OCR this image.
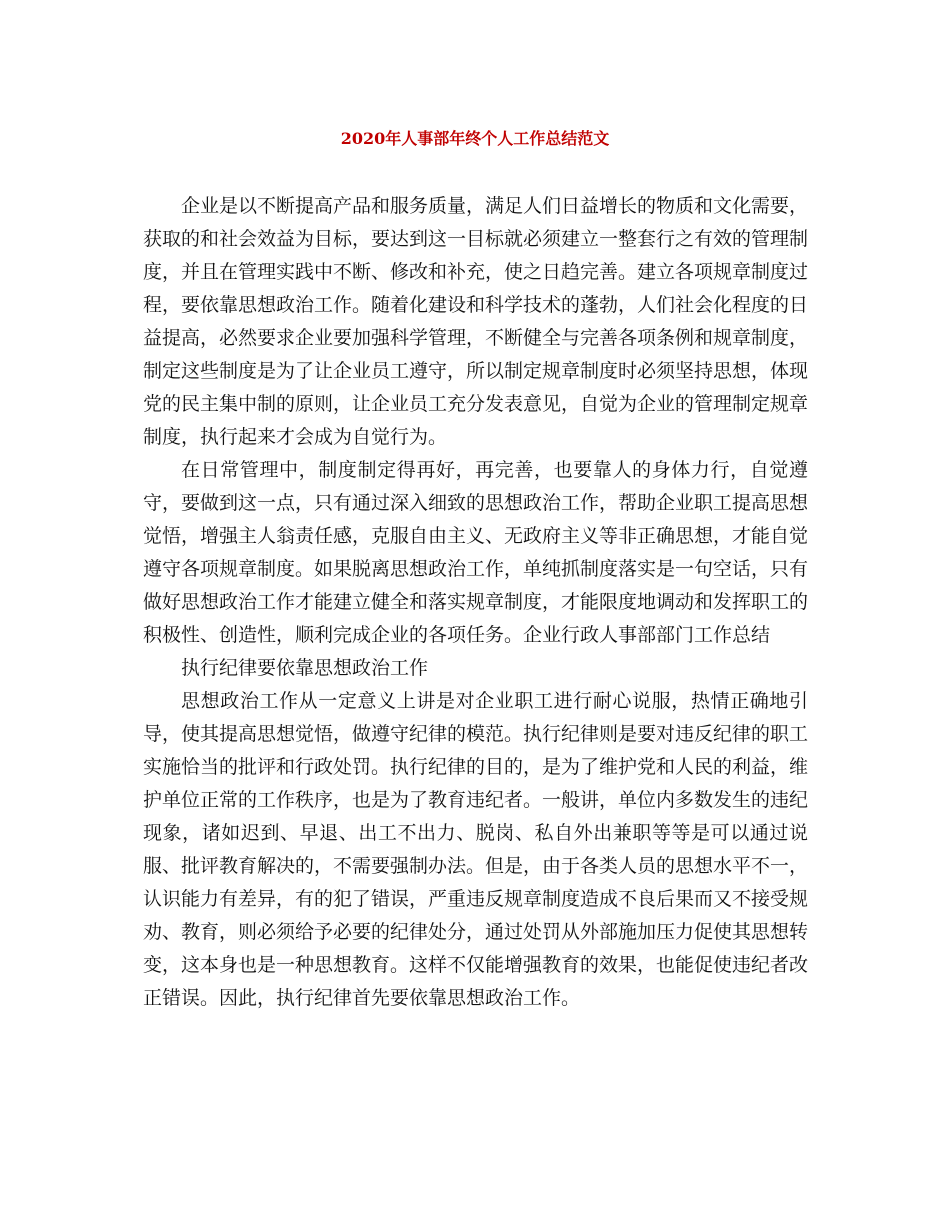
2020年人事部年终个人工作总结范文

企业是以不断提高产品和服务质量，满足人们日益增长的物质和文化需要，获取的和社会效益为目标，要达到这一目标就必须建立一整套行之有效的管理制度，并且在管理实践中不断、修改和补充，使之日趋完善。建立各项规章制度过程，要依靠思想政治工作。随着化建设和科学技术的蓬勃，人们社会化程度的日益提高，必然要求企业要加强科学管理，不断健全与完善各项条例和规章制度，制定这些制度是为了让企业员工遵守，所以制定规章制度时必须坚持思想，体现党的民主集中制的原则，让企业员工充分发表意见，自觉为企业的管理制定规章制度，执行起来才会成为自觉行为。

在日常管理中，制度制定得再好，再完善，也要靠人的身体力行，自觉遵守，要做到这一点，只有通过深入细致的思想政治工作，帮助企业职工提高思想觉悟，增强主人翁责任感，克服自由主义、无政府主义等非正确思想，才能自觉遵守各项规章制度。如果脱离思想政治工作，单纯抓制度落实是一句空话，只有做好思想政治工作才能建立健全和落实规章制度，才能限度地调动和发挥职工的积极性、创造性，顺利完成企业的各项任务。企业行政人事部部门工作总结

执行纪律要依靠思想政治工作

思想政治工作从一定意义上讲是对企业职工进行耐心说服，热情正确地引导，使其提高思想觉悟，做遵守纪律的模范。执行纪律则是要对违反纪律的职工实施恰当的批评和行政处罚。执行纪律的目的，是为了维护党和人民的利益，维护单位正常的工作秩序，也是为了教育违纪者。一般讲，单位内多数发生的违纪现象，诸如迟到、早退、出工不出力、脱岗、私自外出兼职等等是可以通过说服、批评教育解决的，不需要强制办法。但是，由于各类人员的思想水平不一，认识能力有差异，有的犯了错误，严重违反规章制度造成不良后果而又不接受规劝、教育，则必须给予必要的纪律处分，通过处罚从外部施加压力促使其思想转变，这本身也是一种思想教育。这样不仅能增强教育的效果，也能促使违纪者改正错误。因此，执行纪律首先要依靠思想政治工作。
